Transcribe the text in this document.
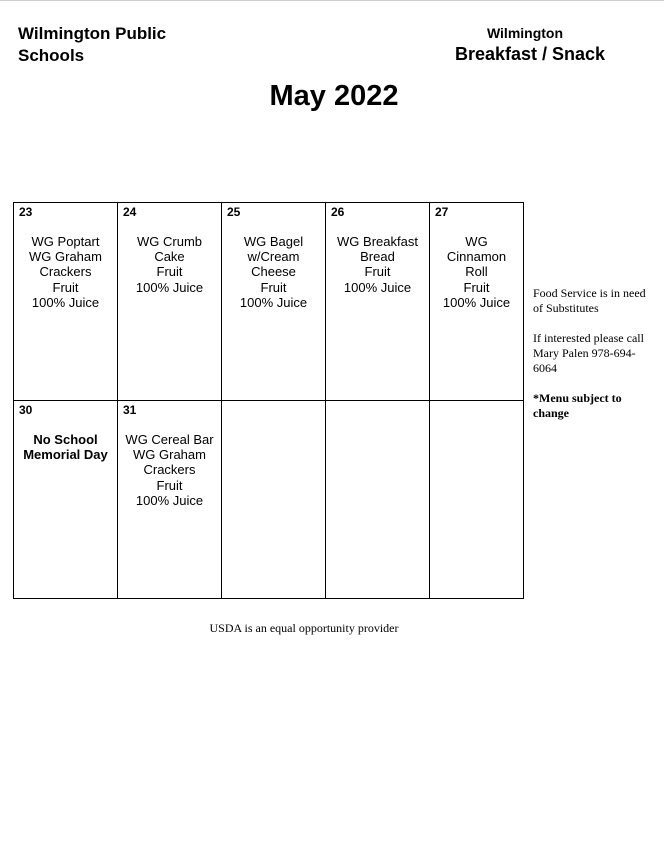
Wilmington Public Schools
Wilmington
Breakfast / Snack
May 2022
23
WG Poptart
WG Graham
Crackers
Fruit
100% Juice
24
WG Crumb
Cake
Fruit
100% Juice
25
WG Bagel
w/Cream
Cheese
Fruit
100% Juice
26
WG Breakfast
Bread
Fruit
100% Juice
27
WG
Cinnamon
Roll
Fruit
100% Juice
30
No School
Memorial Day
31
WG Cereal Bar
WG Graham
Crackers
Fruit
100% Juice
Food Service is in need of Substitutes
If interested please call Mary Palen 978-694-6064
*Menu subject to change
USDA is an equal opportunity provider
